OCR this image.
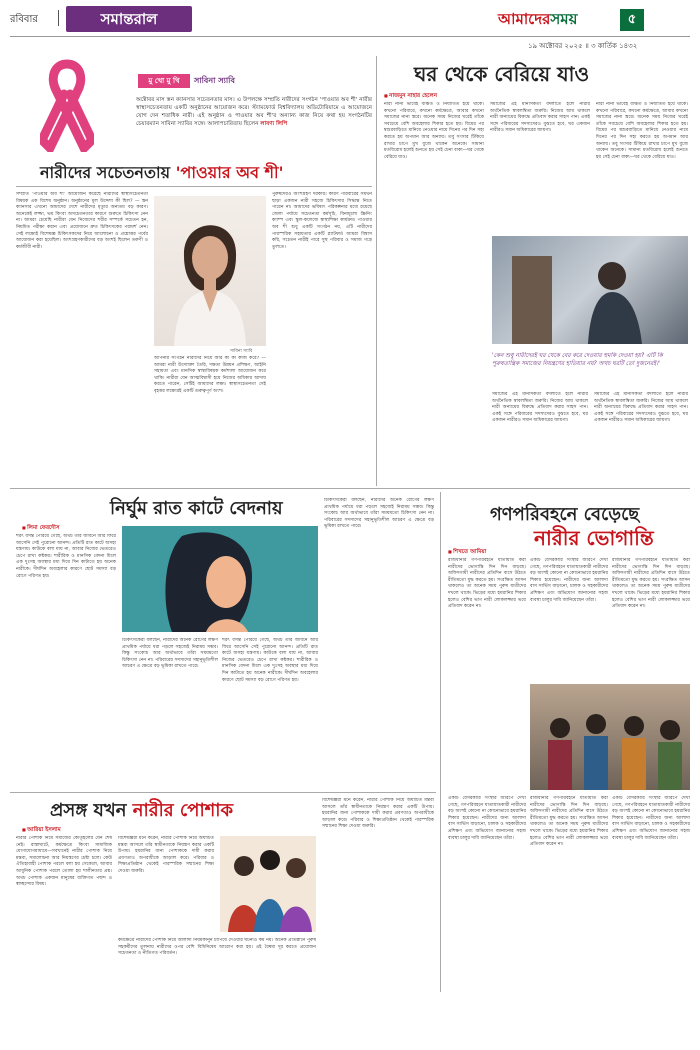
রবিবার	সমান্তরাল	আমাদেরসময়	৫
১৯ অক্টোবর ২০২৫ ॥ ৩ কার্তিক ১৪৩২
মু খো মু খি	সাবিনা স্যাবি
অক্টোবর মাস স্তন ক্যানসার সচেতনতার মাস। এ উপলক্ষে সম্প্রতি নারীদের সংগঠন 'পাওয়ার অব শী' নারীর স্বাস্থ্যসচেতনতায় একটি অনুষ্ঠানের আয়োজন করে। স্ট্যামফোর্ড বিশ্ববিদ্যালয় অডিটোরিয়ামে এ আয়োজনে যোগ দেন শতাধিক নারী। এই অনুষ্ঠান ও পাওয়ার অব শী'র অন্যান্য কাজ নিয়ে কথা হয় সংগঠনটির চেয়ারম্যান সাবিনা স্যাবির সঙ্গে। আলাপচারিতায় ছিলেন লাবণ্য লিপি
নারীদের সচেতনতায় 'পাওয়ার অব শী'
সম্প্রতি 'পাওয়ার অব শী' আয়োজন করেছে নারীদের স্বাস্থ্যসচেতনতা বিষয়ক এক বিশেষ অনুষ্ঠান। অনুষ্ঠানের মূল উদ্দেশ্য কী ছিল? — স্তন ক্যানসার এখনো আমাদের দেশে নারীদের মৃত্যুর অন্যতম বড় কারণ। অনেকেই লজ্জা, ভয় কিংবা অসচেতনতার কারণে শুরুতে চিকিৎসা নেন না। আমরা চেয়েছি নারীরা যেন নিজেদের শরীর সম্পর্কে সচেতন হন, নিয়মিত পরীক্ষা করান এবং প্রয়োজনে দ্রুত চিকিৎসকের পরামর্শ নেন। সেই লক্ষ্যেই বিশেষজ্ঞ চিকিৎসকদের নিয়ে আলোচনা ও প্রশ্নোত্তর পর্বের আয়োজন করা হয়েছিল। অংশগ্রহণকারীদের বড় অংশই ছিলেন তরুণী ও কর্মজীবী নারী।
সাবিনা স্যাবি
আপনার সংগঠন নারীদের নিয়ে আর কী কী কাজ করে? — আমরা নারী উদ্যোক্তা তৈরি, দক্ষতা উন্নয়ন প্রশিক্ষণ, আইনি সহায়তা এবং মানসিক স্বাস্থ্যবিষয়ক কর্মশালা আয়োজন করে থাকি। নারীরা যেন আত্মবিশ্বাসী হয়ে নিজের অধিকার আদায় করতে পারেন, সেটিই আমাদের লক্ষ্য। স্বাস্থ্যসচেতনতা সেই বৃহত্তর লক্ষ্যেরই একটি গুরুত্বপূর্ণ অংশ।
পুরুষদেরও অংশগ্রহণ দরকার। কারণ পরিবারের সমর্থন ছাড়া একজন নারী সহজে চিকিৎসার সিদ্ধান্ত নিতে পারেন না। আমাদের ভবিষ্যৎ পরিকল্পনার মধ্যে রয়েছে জেলা পর্যায়ে সচেতনতা কর্মসূচি, বিনামূল্যে স্ক্রিনিং ক্যাম্প এবং স্কুল-কলেজে স্বাস্থ্যশিক্ষা কার্যক্রম। পাওয়ার অব শী শুধু একটি সংগঠন নয়, এটি নারীদের পারস্পরিক সহায়তার একটি প্ল্যাটফর্ম। আমরা বিশ্বাস করি, সচেতন নারীই পারে সুস্থ পরিবার ও সমাজ গড়ে তুলতে।
ঘর থেকে বেরিয়ে যাও
■ নাজমুন নাহার হেলেন
নারী নানা ভাবেই বঞ্চিত ও নির্যাতিত হয়ে থাকে। কখনো পরিবারে, কখনো কর্মক্ষেত্রে, আবার কখনো সমাজের নানা স্তরে। অনেক সময় নিজের ঘরেই তাঁকে সবচেয়ে বেশি অবহেলার শিকার হতে হয়। বিয়ের পর শ্বশুরবাড়িতে মানিয়ে নেওয়ার নামে দিনের পর দিন সহ্য করতে হয় অপমান আর অন্যায়। তবু সংসার টিকিয়ে রাখার চাপে মুখ বুজে থাকেন অনেকে। সামান্য মতবিরোধ হলেই শুনতে হয় সেই চেনা বাক্য—ঘর থেকে বেরিয়ে যাও।
সমাজের এই মানসিকতা বদলাতে হলে নারীর অর্থনৈতিক স্বাবলম্বিতা জরুরি। নিজের আয় থাকলে নারী অন্যায়ের বিরুদ্ধে প্রতিবাদ করার সাহস পান। একই সঙ্গে পরিবারের সদস্যদেরও বুঝতে হবে, ঘর একজন নারীরও সমান অধিকারের জায়গা।
নারী নানা ভাবেই বঞ্চিত ও নির্যাতিত হয়ে থাকে। কখনো পরিবারে, কখনো কর্মক্ষেত্রে, আবার কখনো সমাজের নানা স্তরে। অনেক সময় নিজের ঘরেই তাঁকে সবচেয়ে বেশি অবহেলার শিকার হতে হয়। বিয়ের পর শ্বশুরবাড়িতে মানিয়ে নেওয়ার নামে দিনের পর দিন সহ্য করতে হয় অপমান আর অন্যায়। তবু সংসার টিকিয়ে রাখার চাপে মুখ বুজে থাকেন অনেকে। সামান্য মতবিরোধ হলেই শুনতে হয় সেই চেনা বাক্য—ঘর থেকে বেরিয়ে যাও।
'কেন শুধু নারীদেরই ঘর থেকে বের করে দেওয়ার হুমকি দেওয়া হয়? এটি কি পুরুষতান্ত্রিক সমাজের নিয়ন্ত্রণের হাতিয়ার নয়? অথচ ঘরটি তো দুজনেরই।'
সমাজের এই মানসিকতা বদলাতে হলে নারীর অর্থনৈতিক স্বাবলম্বিতা জরুরি। নিজের আয় থাকলে নারী অন্যায়ের বিরুদ্ধে প্রতিবাদ করার সাহস পান। একই সঙ্গে পরিবারের সদস্যদেরও বুঝতে হবে, ঘর একজন নারীরও সমান অধিকারের জায়গা।
সমাজের এই মানসিকতা বদলাতে হলে নারীর অর্থনৈতিক স্বাবলম্বিতা জরুরি। নিজের আয় থাকলে নারী অন্যায়ের বিরুদ্ধে প্রতিবাদ করার সাহস পান। একই সঙ্গে পরিবারের সদস্যদেরও বুঝতে হবে, ঘর একজন নারীরও সমান অধিকারের জায়গা।
নির্ঘুম রাত কাটে বেদনায়
■ লিমা ফেরদৌস
শরৎ বসন্ত পেরিয়ে গেছে, অথচ তাঁর জীবনে আর ফিরে আসেনি সেই পুরোনো আনন্দ। প্রতিটি রাত কাটে অসহ্য যন্ত্রণায়। কাউকে বলা যায় না, আবার নিজের ভেতরেও চেপে রাখা কষ্টকর। শারীরিক ও মানসিক বেদনা মিলে এক দুঃসহ অবস্থার মধ্য দিয়ে দিন কাটাতে হয় অনেক নারীকে। দীর্ঘদিন অবহেলার কারণে ছোট সমস্যা বড় রোগে পরিণত হয়।
চিকিৎসকেরা বলছেন, নারীদের অনেক রোগের লক্ষণ প্রাথমিক পর্যায়ে ধরা পড়লে সহজেই নিরাময় সম্ভব। কিন্তু সংকোচ আর অর্থাভাবে তাঁরা সময়মতো চিকিৎসা নেন না। পরিবারের সদস্যদের সহানুভূতিশীল আচরণ এ ক্ষেত্রে বড় ভূমিকা রাখতে পারে।
শরৎ বসন্ত পেরিয়ে গেছে, অথচ তাঁর জীবনে আর ফিরে আসেনি সেই পুরোনো আনন্দ। প্রতিটি রাত কাটে অসহ্য যন্ত্রণায়। কাউকে বলা যায় না, আবার নিজের ভেতরেও চেপে রাখা কষ্টকর। শারীরিক ও মানসিক বেদনা মিলে এক দুঃসহ অবস্থার মধ্য দিয়ে দিন কাটাতে হয় অনেক নারীকে। দীর্ঘদিন অবহেলার কারণে ছোট সমস্যা বড় রোগে পরিণত হয়।
চিকিৎসকেরা বলছেন, নারীদের অনেক রোগের লক্ষণ প্রাথমিক পর্যায়ে ধরা পড়লে সহজেই নিরাময় সম্ভব। কিন্তু সংকোচ আর অর্থাভাবে তাঁরা সময়মতো চিকিৎসা নেন না। পরিবারের সদস্যদের সহানুভূতিশীল আচরণ এ ক্ষেত্রে বড় ভূমিকা রাখতে পারে।
গণপরিবহনে বেড়েছে
নারীর ভোগান্তি
■ শিখতে আমিয়া
রাজধানীর গণপরিবহনে যাতায়াত করা নারীদের ভোগান্তি দিন দিন বাড়ছে। অফিসগামী নারীদের প্রতিদিন বাসে উঠতে রীতিমতো যুদ্ধ করতে হয়। সংরক্ষিত আসন থাকলেও তা অনেক সময় পুরুষ যাত্রীদের দখলে থাকে। ভিড়ের মধ্যে হয়রানির শিকার হলেও বেশির ভাগ নারী লোকলজ্জার ভয়ে প্রতিবাদ করেন না।
একটি বেসরকারি সংস্থার জরিপে দেখা গেছে, গণপরিবহনে যাতায়াতকারী নারীদের বড় অংশই কোনো না কোনোভাবে হয়রানির শিকার হয়েছেন। নারীদের জন্য আলাদা বাস সার্ভিস বাড়ানো, চালক ও সহকারীদের প্রশিক্ষণ এবং অভিযোগ জানানোর সহজ ব্যবস্থা চালুর দাবি জানিয়েছেন তাঁরা।
রাজধানীর গণপরিবহনে যাতায়াত করা নারীদের ভোগান্তি দিন দিন বাড়ছে। অফিসগামী নারীদের প্রতিদিন বাসে উঠতে রীতিমতো যুদ্ধ করতে হয়। সংরক্ষিত আসন থাকলেও তা অনেক সময় পুরুষ যাত্রীদের দখলে থাকে। ভিড়ের মধ্যে হয়রানির শিকার হলেও বেশির ভাগ নারী লোকলজ্জার ভয়ে প্রতিবাদ করেন না।
একটি বেসরকারি সংস্থার জরিপে দেখা গেছে, গণপরিবহনে যাতায়াতকারী নারীদের বড় অংশই কোনো না কোনোভাবে হয়রানির শিকার হয়েছেন। নারীদের জন্য আলাদা বাস সার্ভিস বাড়ানো, চালক ও সহকারীদের প্রশিক্ষণ এবং অভিযোগ জানানোর সহজ ব্যবস্থা চালুর দাবি জানিয়েছেন তাঁরা।
রাজধানীর গণপরিবহনে যাতায়াত করা নারীদের ভোগান্তি দিন দিন বাড়ছে। অফিসগামী নারীদের প্রতিদিন বাসে উঠতে রীতিমতো যুদ্ধ করতে হয়। সংরক্ষিত আসন থাকলেও তা অনেক সময় পুরুষ যাত্রীদের দখলে থাকে। ভিড়ের মধ্যে হয়রানির শিকার হলেও বেশির ভাগ নারী লোকলজ্জার ভয়ে প্রতিবাদ করেন না।
একটি বেসরকারি সংস্থার জরিপে দেখা গেছে, গণপরিবহনে যাতায়াতকারী নারীদের বড় অংশই কোনো না কোনোভাবে হয়রানির শিকার হয়েছেন। নারীদের জন্য আলাদা বাস সার্ভিস বাড়ানো, চালক ও সহকারীদের প্রশিক্ষণ এবং অভিযোগ জানানোর সহজ ব্যবস্থা চালুর দাবি জানিয়েছেন তাঁরা।
প্রসঙ্গ যখন নারীর পোশাক
■ আরিয়া ইসলাম
নারীর পোশাক নিয়ে সমাজের কৌতূহলের যেন শেষ নেই। রাস্তাঘাটে, কর্মক্ষেত্রে কিংবা সামাজিক যোগাযোগমাধ্যমে—সবখানেই নারীর পোশাক নিয়ে মন্তব্য, সমালোচনা আর নিয়ন্ত্রণের চেষ্টা চলে। কেউ ঐতিহ্যবাহী পোশাক পরলে বলা হয় সেকেলে, আবার আধুনিক পোশাক পরলে তোলা হয় শালীনতার প্রশ্ন। অথচ পোশাক একজন মানুষের ব্যক্তিগত পছন্দ ও স্বাচ্ছন্দ্যের বিষয়।
বিশেষজ্ঞরা মনে করেন, নারীর পোশাক নিয়ে অযাচিত মন্তব্য আসলে তাঁর স্বাধীনতাকে নিয়ন্ত্রণ করার একটি উপায়। হয়রানির জন্য পোশাককে দায়ী করার প্রবণতাও অপরাধীকে আড়াল করে। পরিবার ও শিক্ষাপ্রতিষ্ঠান থেকেই পারস্পরিক সম্মানের শিক্ষা দেওয়া জরুরি।
কর্মক্ষেত্রে নারীদের পোশাক নিয়ে আলাদা নিয়মকানুন চাপিয়ে দেওয়ার ঘটনাও কম নয়। অনেক প্রতিষ্ঠানে পুরুষ সহকর্মীদের তুলনায় নারীদের ওপর বেশি বিধিনিষেধ আরোপ করা হয়। এই বৈষম্য দূর করতে প্রয়োজন সচেতনতা ও নীতিগত পরিবর্তন।
বিশেষজ্ঞরা মনে করেন, নারীর পোশাক নিয়ে অযাচিত মন্তব্য আসলে তাঁর স্বাধীনতাকে নিয়ন্ত্রণ করার একটি উপায়। হয়রানির জন্য পোশাককে দায়ী করার প্রবণতাও অপরাধীকে আড়াল করে। পরিবার ও শিক্ষাপ্রতিষ্ঠান থেকেই পারস্পরিক সম্মানের শিক্ষা দেওয়া জরুরি।
